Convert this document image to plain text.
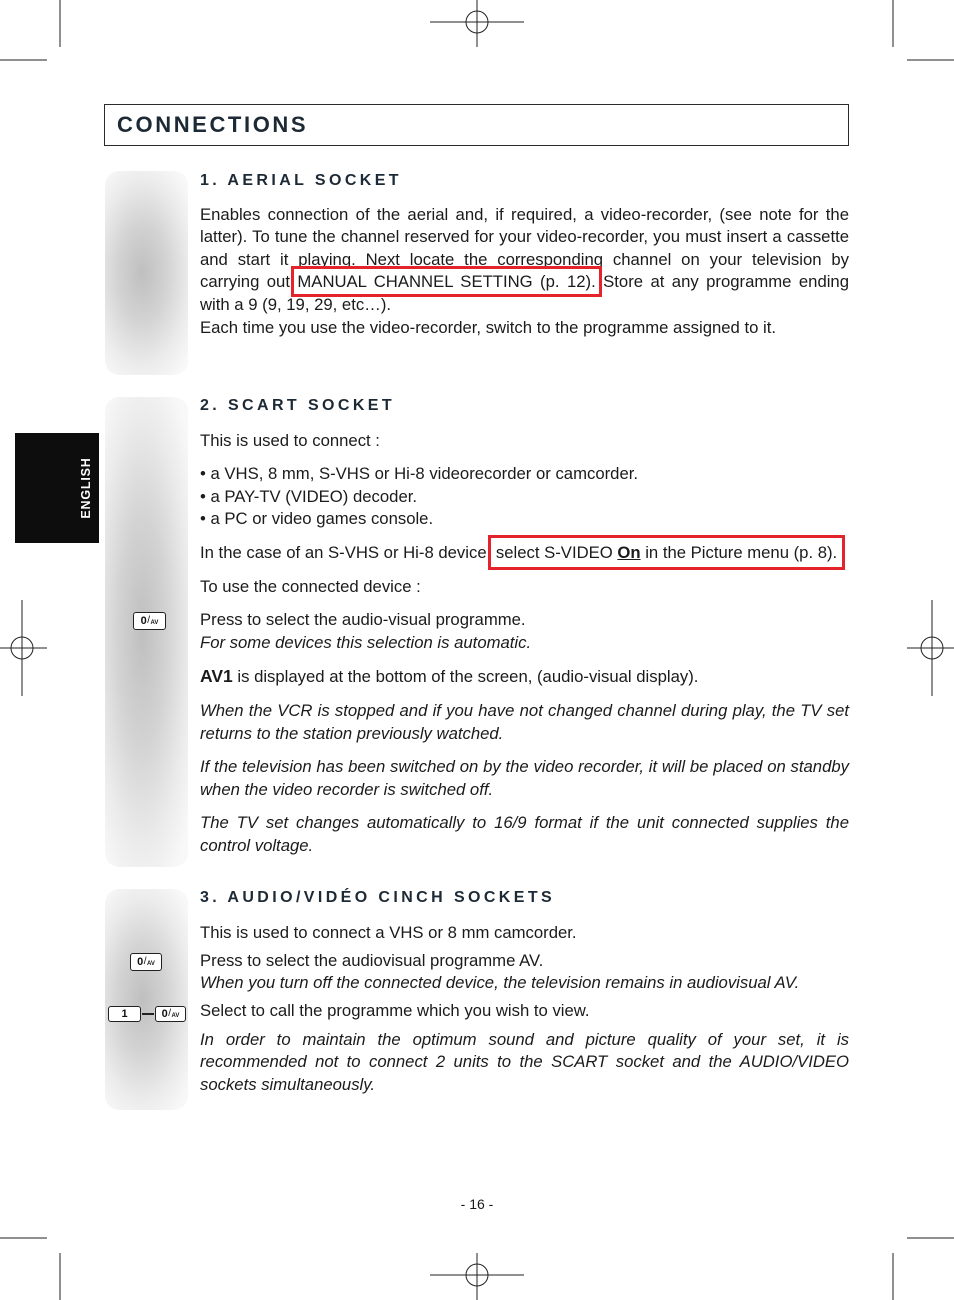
CONNECTIONS
ENGLISH
1. AERIAL SOCKET

Enables connection of the aerial and, if required, a video-recorder, (see note for the latter). To tune the channel reserved for your video-recorder, you must insert a cassette and start it playing. Next locate the corresponding channel on your television by carrying out MANUAL CHANNEL SETTING (p. 12). Store at any programme ending with a 9 (9, 19, 29, etc…).

Each time you use the video-recorder, switch to the programme assigned to it.

2. SCART SOCKET

This is used to connect :

• a VHS, 8 mm, S-VHS or Hi-8 videorecorder or camcorder.
• a PAY-TV (VIDEO) decoder.
• a PC or video games console.

In the case of an S-VHS or Hi-8 device, select S-VIDEO On in the Picture menu (p. 8).

To use the connected device :

Press to select the audio-visual programme.
For some devices this selection is automatic.

AV1 is displayed at the bottom of the screen, (audio-visual display).

When the VCR is stopped and if you have not changed channel during play, the TV set returns to the station previously watched.

If the television has been switched on by the video recorder, it will be placed on standby when the video recorder is switched off.

The TV set changes automatically to 16/9 format if the unit connected supplies the control voltage.

3. AUDIO/VIDÉO CINCH SOCKETS

This is used to connect a VHS or 8 mm camcorder.

Press to select the audiovisual programme AV.
When you turn off the connected device, the television remains in audiovisual AV.

Select to call the programme which you wish to view.

In order to maintain the optimum sound and picture quality of your set, it is recommended not to connect 2 units to the SCART socket and the AUDIO/VIDEO sockets simultaneously.

0 / AV
0 / AV
1	0 / AV
- 16 -
